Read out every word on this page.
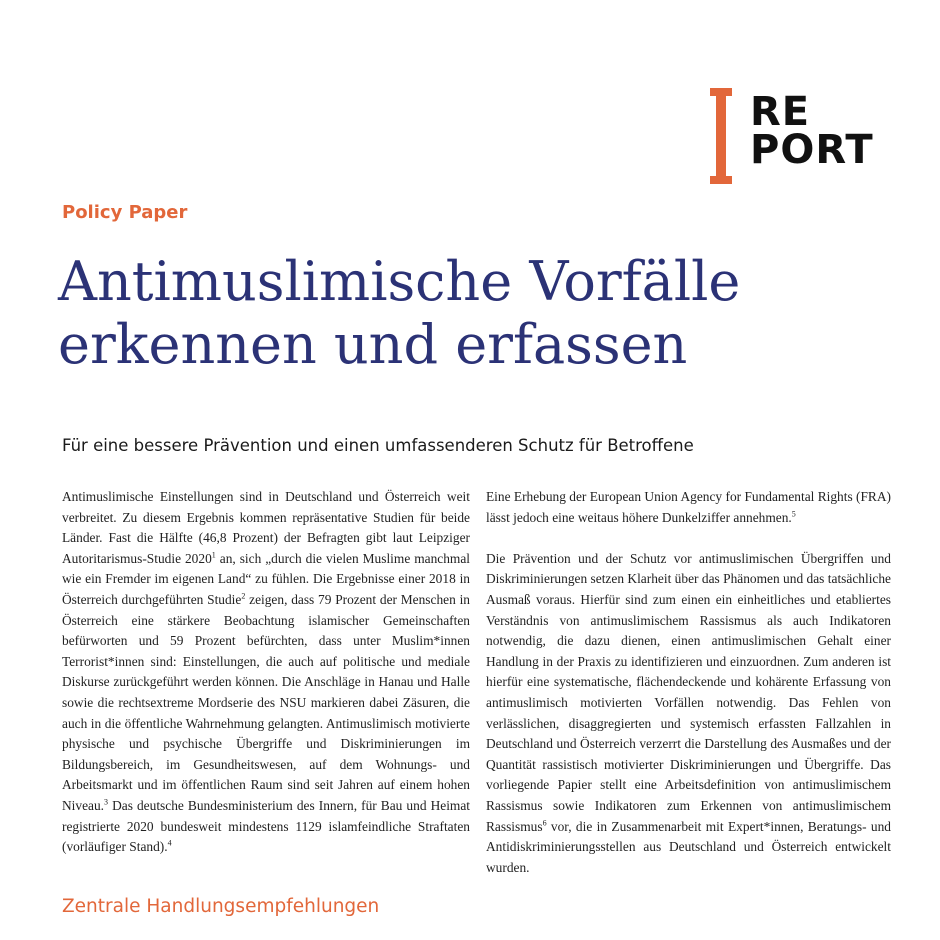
RE
PORT
Policy Paper
Antimuslimische Vorfälle
erkennen und erfassen
Für eine bessere Prävention und einen umfassenderen Schutz für Betroffene

Antimuslimische Einstellungen sind in Deutschland und Österreich weit verbreitet. Zu diesem Ergebnis kommen repräsentative Studien für beide Länder. Fast die Hälfte (46,8 Prozent) der Befragten gibt laut Leipziger Autoritarismus-Studie 2020$^1$ an, sich „durch die vielen Muslime manchmal wie ein Fremder im eigenen Land“ zu fühlen. Die Ergebnisse einer 2018 in Österreich durchgeführten Studie$^2$ zeigen, dass 79 Prozent der Menschen in Österreich eine stärkere Beobachtung islamischer Gemeinschaften befürworten und 59 Prozent befürchten, dass unter Muslim*innen Terrorist*innen sind: Einstellungen, die auch auf politische und mediale Diskurse zurückgeführt werden können. Die Anschläge in Hanau und Halle sowie die rechtsextreme Mordserie des NSU markieren dabei Zäsuren, die auch in die öffentliche Wahrnehmung gelangten. Antimuslimisch motivierte physische und psychische Übergriffe und Diskriminierungen im Bildungsbereich, im Gesundheitswesen, auf dem Wohnungs- und Arbeitsmarkt und im öffentlichen Raum sind seit Jahren auf einem hohen Niveau.$^3$ Das deutsche Bundesministerium des Innern, für Bau und Heimat registrierte 2020 bundesweit mindestens 1129 islamfeindliche Straftaten (vorläufiger Stand).$^4$

Eine Erhebung der European Union Agency for Fundamental Rights (FRA) lässt jedoch eine weitaus höhere Dunkelziffer annehmen.$^5$

Die Prävention und der Schutz vor antimuslimischen Übergriffen und Diskriminierungen setzen Klarheit über das Phänomen und das tatsächliche Ausmaß voraus. Hierfür sind zum einen ein einheitliches und etabliertes Verständnis von antimuslimischem Rassismus als auch Indikatoren notwendig, die dazu dienen, einen antimuslimischen Gehalt einer Handlung in der Praxis zu identifizieren und einzuordnen. Zum anderen ist hierfür eine systematische, flächendeckende und kohärente Erfassung von antimuslimisch motivierten Vorfällen notwendig. Das Fehlen von verlässlichen, disaggregierten und systemisch erfassten Fallzahlen in Deutschland und Österreich verzerrt die Darstellung des Ausmaßes und der Quantität rassistisch motivierter Diskriminierungen und Übergriffe. Das vorliegende Papier stellt eine Arbeitsdefinition von antimuslimischem Rassismus sowie Indikatoren zum Erkennen von antimuslimischem Rassismus$^6$ vor, die in Zusammenarbeit mit Expert*innen, Beratungs- und Antidiskriminierungsstellen aus Deutschland und Österreich entwickelt wurden.

Zentrale Handlungsempfehlungen
